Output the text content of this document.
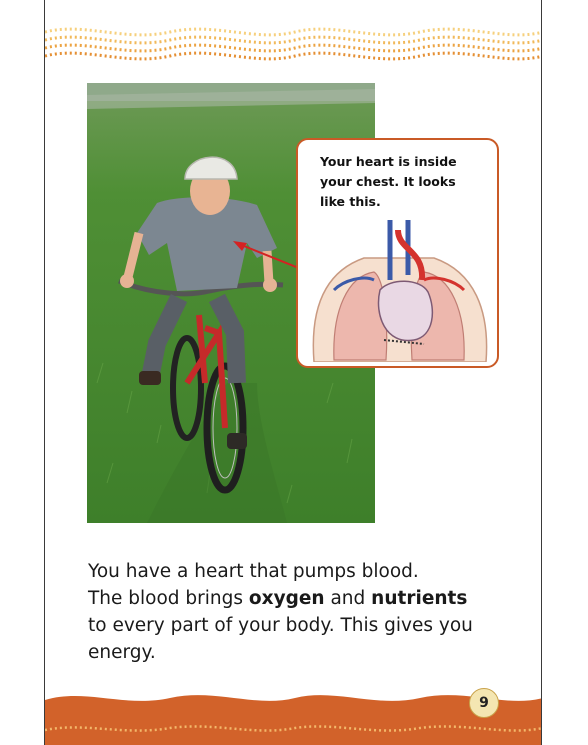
Your heart is inside
your chest. It looks
like this.
You have a heart that pumps blood.
The blood brings oxygen and nutrients
to every part of your body. This gives you
energy.
9
